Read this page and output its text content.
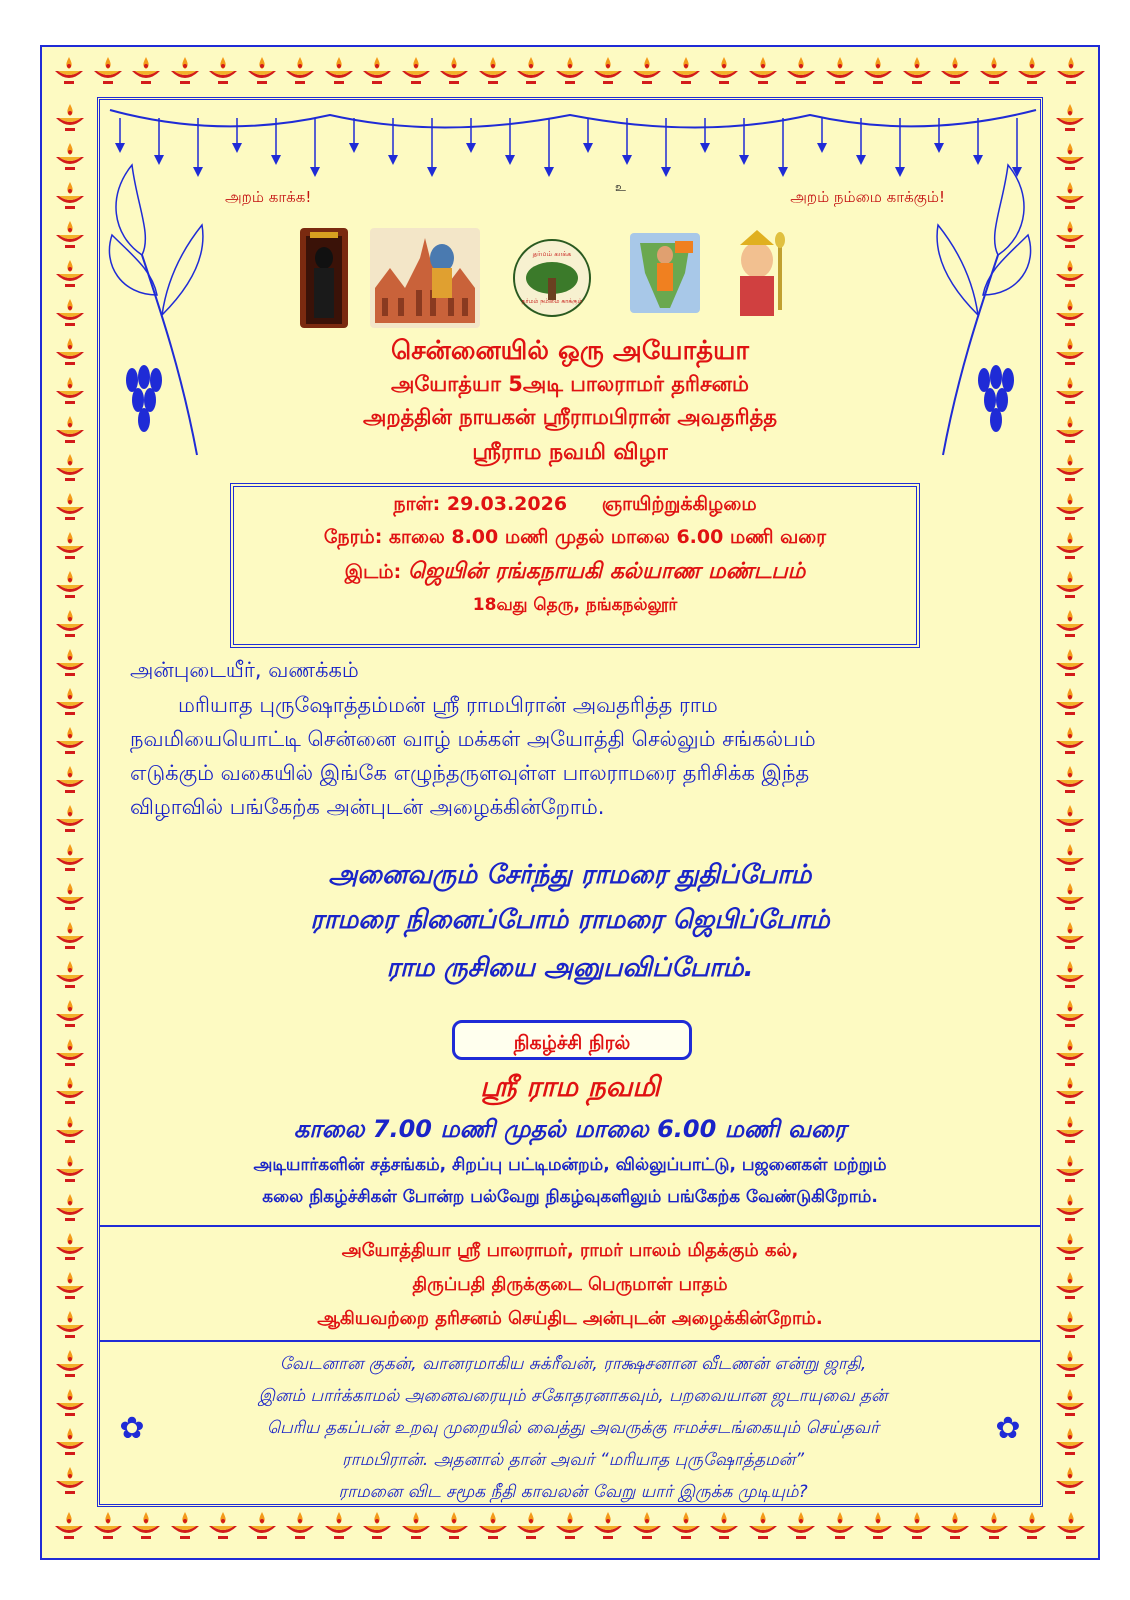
✿	✿
உ
அறம் காக்க!	அறம் நம்மை காக்கும்!
தர்மம் காக்க
தர்மம் நம்மை காக்கும்
சென்னையில் ஒரு அயோத்யா
அயோத்யா 5அடி பாலராமர் தரிசனம்
அறத்தின் நாயகன் ஸ்ரீராமபிரான் அவதரித்த
ஸ்ரீராம நவமி விழா
நாள்: 29.03.2026 ஞாயிற்றுக்கிழமை
நேரம்: காலை 8.00 மணி முதல் மாலை 6.00 மணி வரை
இடம்: ஜெயின் ரங்கநாயகி கல்யாண மண்டபம்
18வது தெரு, நங்கநல்லூர்
அன்புடையீர், வணக்கம்
மரியாத புருஷோத்தம்மன் ஸ்ரீ ராமபிரான் அவதரித்த ராம
நவமியையொட்டி சென்னை வாழ் மக்கள் அயோத்தி செல்லும் சங்கல்பம்
எடுக்கும் வகையில் இங்கே எழுந்தருளவுள்ள பாலராமரை தரிசிக்க இந்த
விழாவில் பங்கேற்க அன்புடன் அழைக்கின்றோம்.
அனைவரும் சேர்ந்து ராமரை துதிப்போம்
ராமரை நினைப்போம் ராமரை ஜெபிப்போம்
ராம ருசியை அனுபவிப்போம்.
நிகழ்ச்சி நிரல்
ஸ்ரீ ராம நவமி
காலை 7.00 மணி முதல் மாலை 6.00 மணி வரை
அடியார்களின் சத்சங்கம், சிறப்பு பட்டிமன்றம், வில்லுப்பாட்டு, பஜனைகள் மற்றும்
கலை நிகழ்ச்சிகள் போன்ற பல்வேறு நிகழ்வுகளிலும் பங்கேற்க வேண்டுகிறோம்.
அயோத்தியா ஸ்ரீ பாலராமர், ராமர் பாலம் மிதக்கும் கல்,
திருப்பதி திருக்குடை பெருமாள் பாதம்
ஆகியவற்றை தரிசனம் செய்திட அன்புடன் அழைக்கின்றோம்.
வேடனான குகன், வானரமாகிய சுக்ரீவன், ராக்ஷசனான வீடணன் என்று ஜாதி,
இனம் பார்க்காமல் அனைவரையும் சகோதரனாகவும், பறவையான ஜடாயுவை தன்
பெரிய தகப்பன் உறவு முறையில் வைத்து அவருக்கு ஈமச்சடங்கையும் செய்தவர்
ராமபிரான். அதனால் தான் அவர் “மரியாத புருஷோத்தமன்”
ராமனை விட சமூக நீதி காவலன் வேறு யார் இருக்க முடியும்?
